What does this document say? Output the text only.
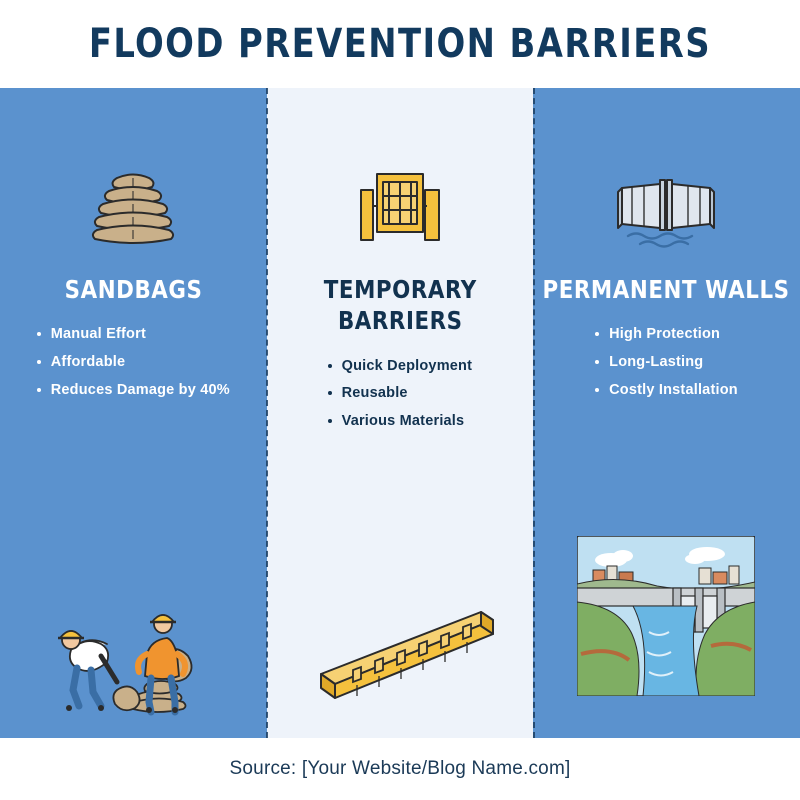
FLOOD PREVENTION BARRIERS
SANDBAGS
Manual Effort
Affordable
Reduces Damage by 40%
TEMPORARY BARRIERS
Quick Deployment
Reusable
Various Materials
PERMANENT WALLS
High Protection
Long-Lasting
Costly Installation
Source: [Your Website/Blog Name.com]
